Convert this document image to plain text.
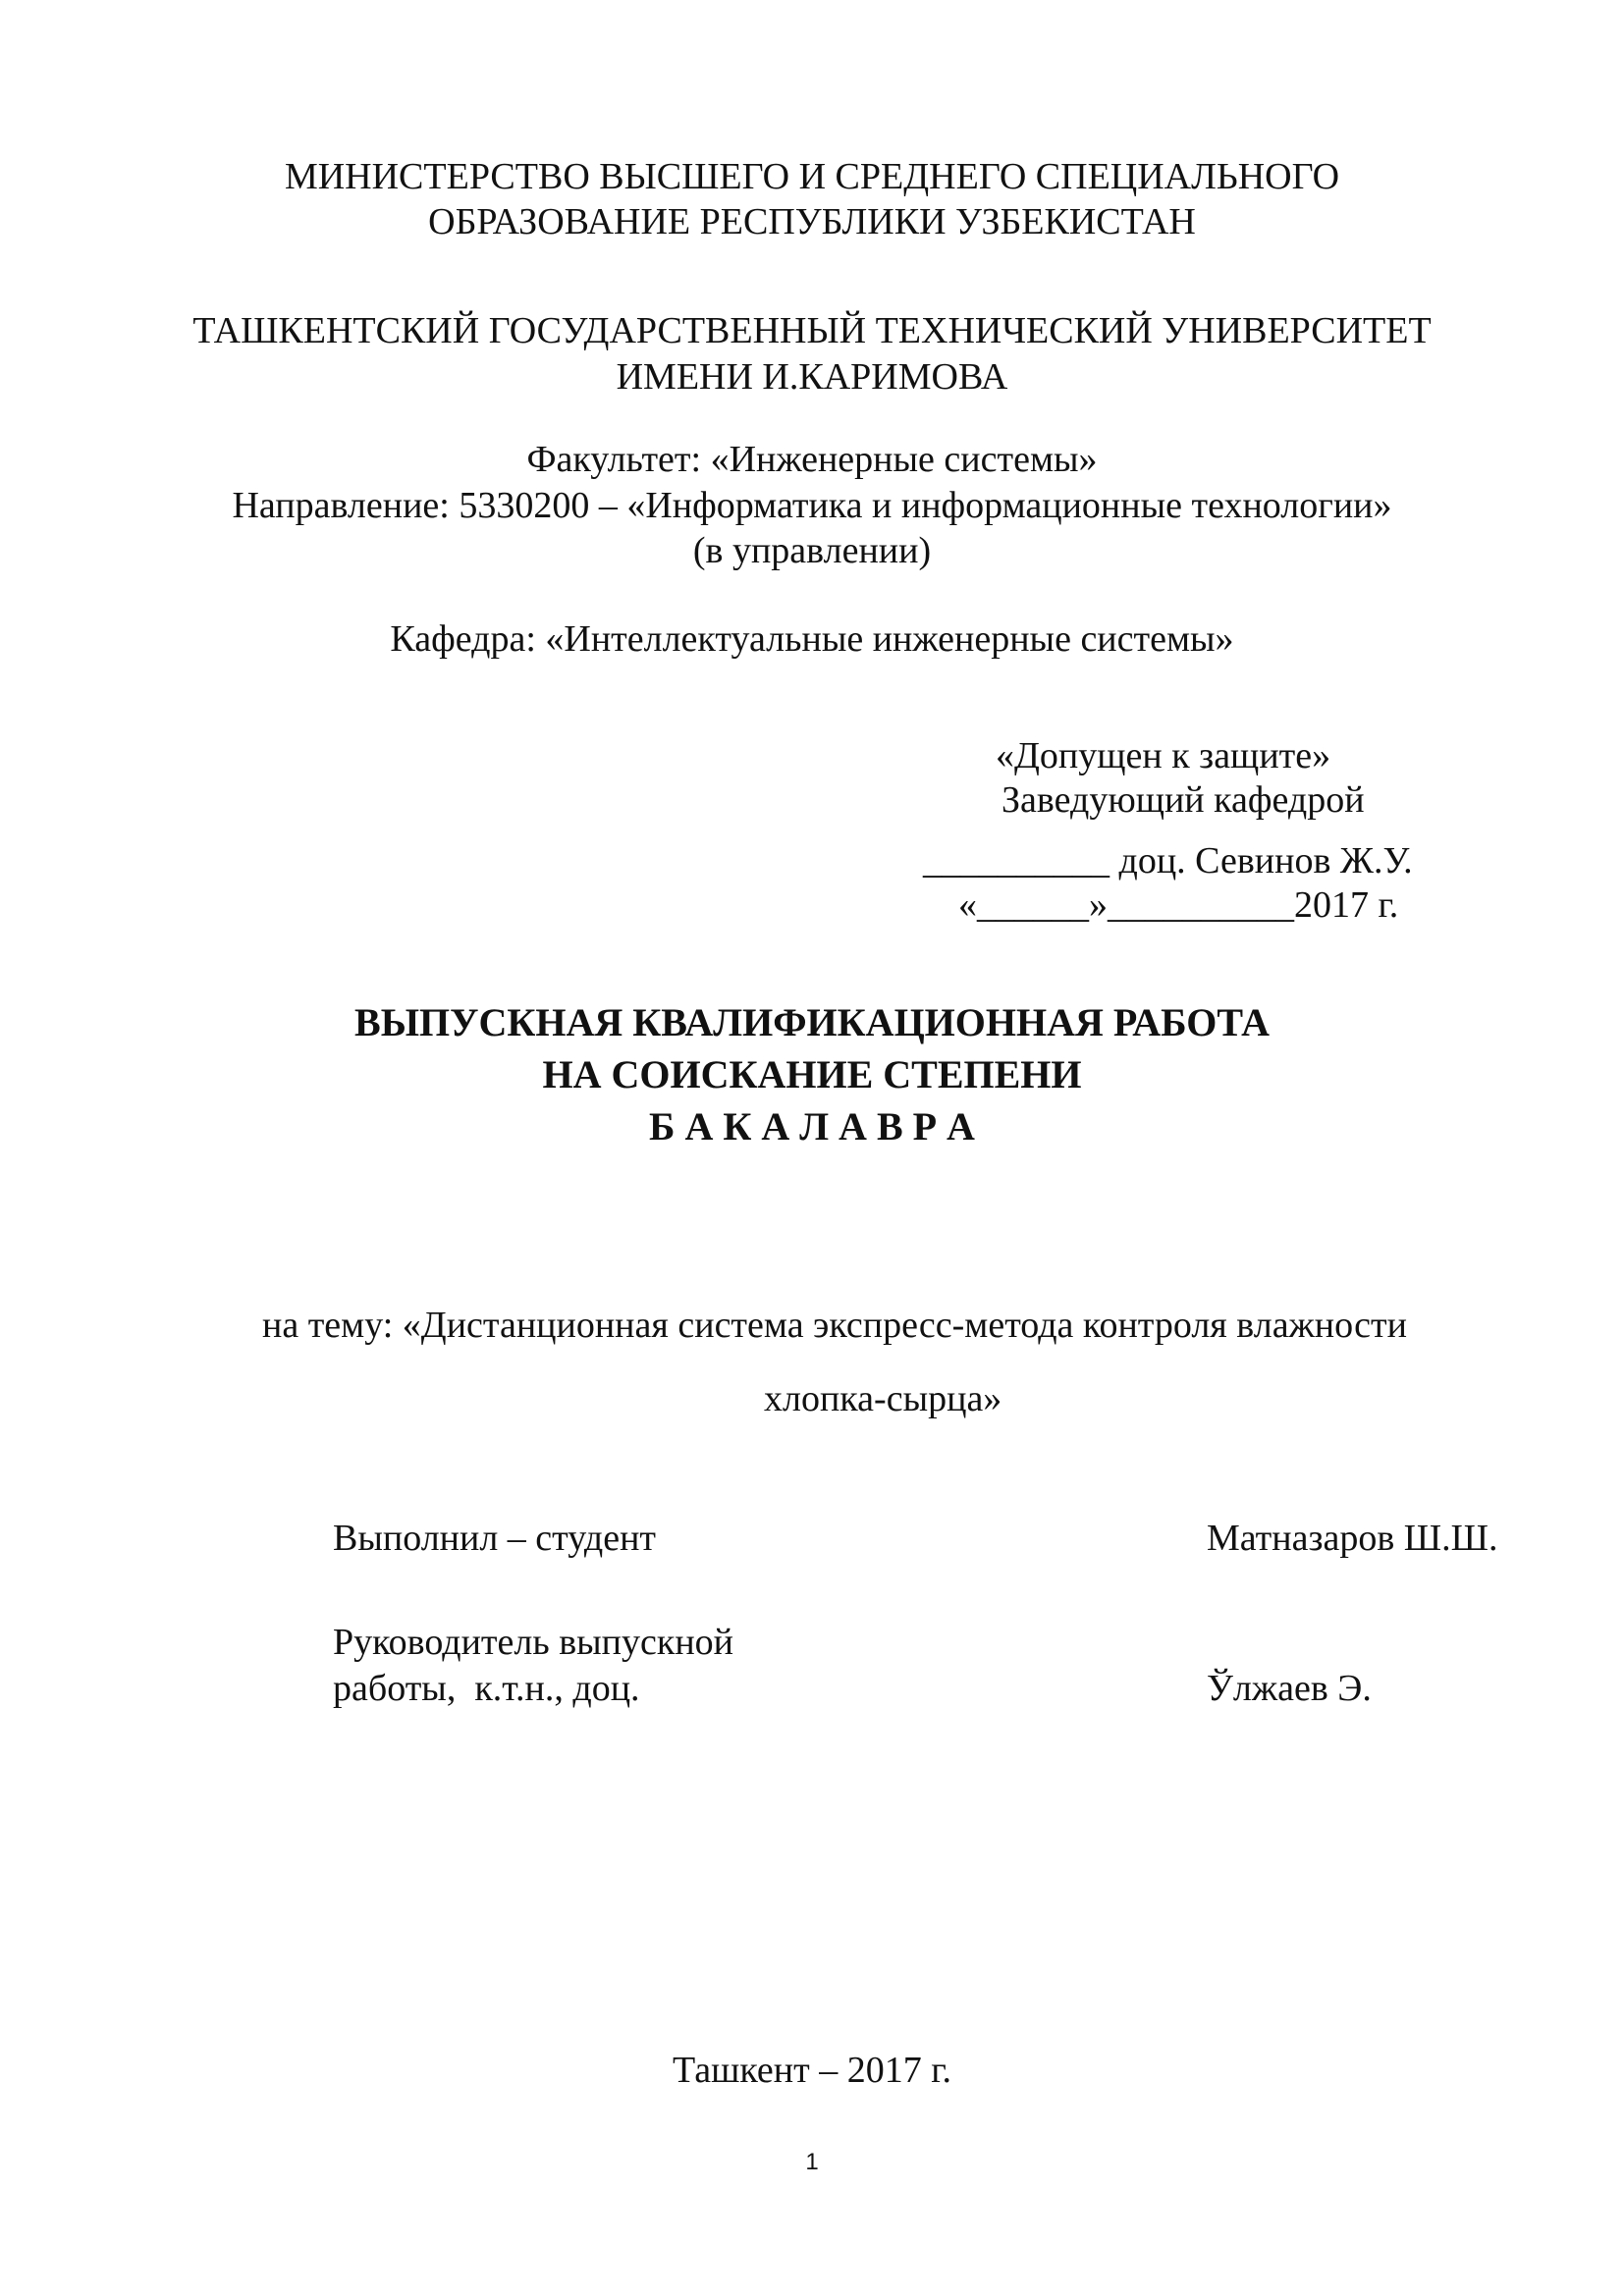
МИНИСТЕРСТВО ВЫСШЕГО И СРЕДНЕГО СПЕЦИАЛЬНОГО
ОБРАЗОВАНИЕ РЕСПУБЛИКИ УЗБЕКИСТАН
ТАШКЕНТСКИЙ ГОСУДАРСТВЕННЫЙ ТЕХНИЧЕСКИЙ УНИВЕРСИТЕТ
ИМЕНИ И.КАРИМОВА
Факультет: «Инженерные системы»
Направление: 5330200 – «Информатика и информационные технологии»
(в управлении)
Кафедра: «Интеллектуальные инженерные системы»
«Допущен к защите»
Заведующий кафедрой
__________ доц. Севинов Ж.У.
«______»__________2017 г.
ВЫПУСКНАЯ КВАЛИФИКАЦИОННАЯ РАБОТА
НА СОИСКАНИЕ СТЕПЕНИ
Б А К А Л А В Р А
на тему: «Дистанционная система экспресс-метода контроля влажности
хлопка-сырца»
Выполнил – студент	Матназаров Ш.Ш.
Руководитель выпускной
работы,  к.т.н., доц.	Ўлжаев Э.
Ташкент – 2017 г.
1
